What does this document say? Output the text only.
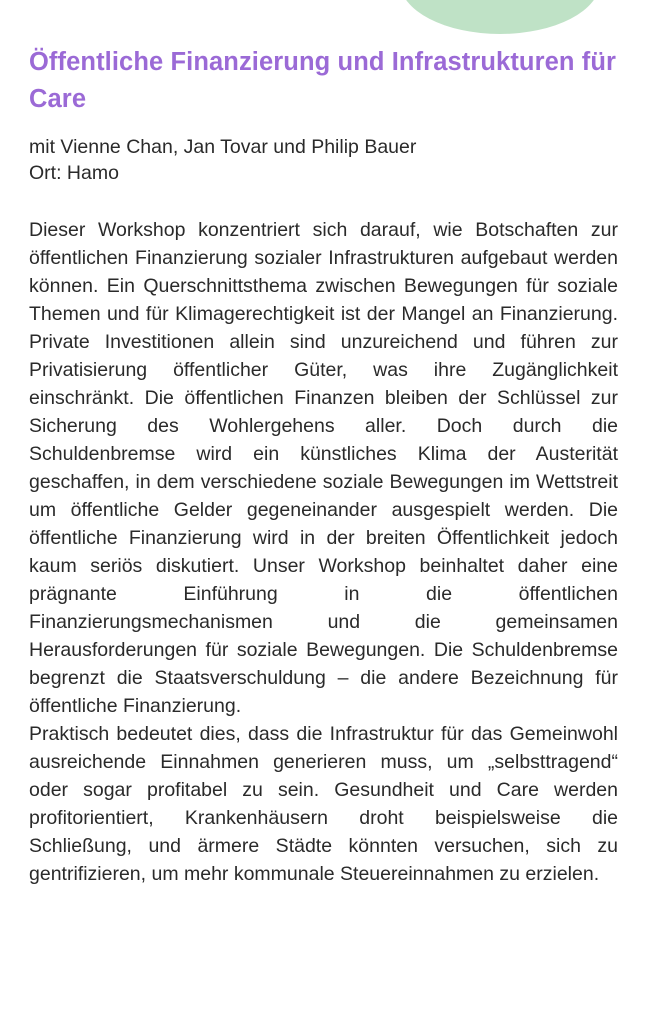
Öffentliche Finanzierung und Infrastrukturen für Care
mit Vienne Chan, Jan Tovar und Philip Bauer
Ort: Hamo

Dieser Workshop konzentriert sich darauf, wie Botschaften zur öffentlichen Finanzierung sozialer Infrastrukturen aufgebaut werden können. Ein Querschnittsthema zwischen Bewegungen für soziale Themen und für Klimagerechtigkeit ist der Mangel an Finanzierung. Private Investitionen allein sind unzureichend und führen zur Privatisierung öffentlicher Güter, was ihre Zugänglichkeit einschränkt. Die öffentlichen Finanzen bleiben der Schlüssel zur Sicherung des Wohlergehens aller. Doch durch die Schuldenbremse wird ein künstliches Klima der Austerität geschaffen, in dem verschiedene soziale Bewegungen im Wettstreit um öffentliche Gelder gegeneinander ausgespielt werden. Die öffentliche Finanzierung wird in der breiten Öffentlichkeit jedoch kaum seriös diskutiert. Unser Workshop beinhaltet daher eine prägnante Einführung in die öffentlichen Finanzierungsmechanismen und die gemeinsamen Herausforderungen für soziale Bewegungen. Die Schuldenbremse begrenzt die Staatsverschuldung – die andere Bezeichnung für öffentliche Finanzierung.

Praktisch bedeutet dies, dass die Infrastruktur für das Gemeinwohl ausreichende Einnahmen generieren muss, um „selbsttragend“ oder sogar profitabel zu sein. Gesundheit und Care werden profitorientiert, Krankenhäusern droht beispielsweise die Schließung, und ärmere Städte könnten versuchen, sich zu gentrifizieren, um mehr kommunale Steuereinnahmen zu erzielen.
